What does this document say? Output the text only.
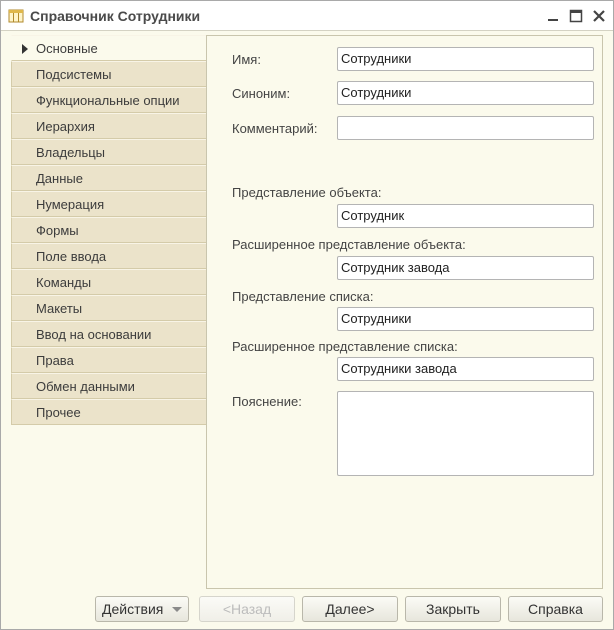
Справочник Сотрудники
Основные
Подсистемы
Функциональные опции
Иерархия
Владельцы
Данные
Нумерация
Формы
Поле ввода
Команды
Макеты
Ввод на основании
Права
Обмен данными
Прочее
Имя:	Сотрудники
Синоним:	Сотрудники
Комментарий:
Представление объекта:
Сотрудник
Расширенное представление объекта:
Сотрудник завода
Представление списка:
Сотрудники
Расширенное представление списка:
Сотрудники завода
Пояснение:
Действия	<Назад	Далее>	Закрыть	Справка
